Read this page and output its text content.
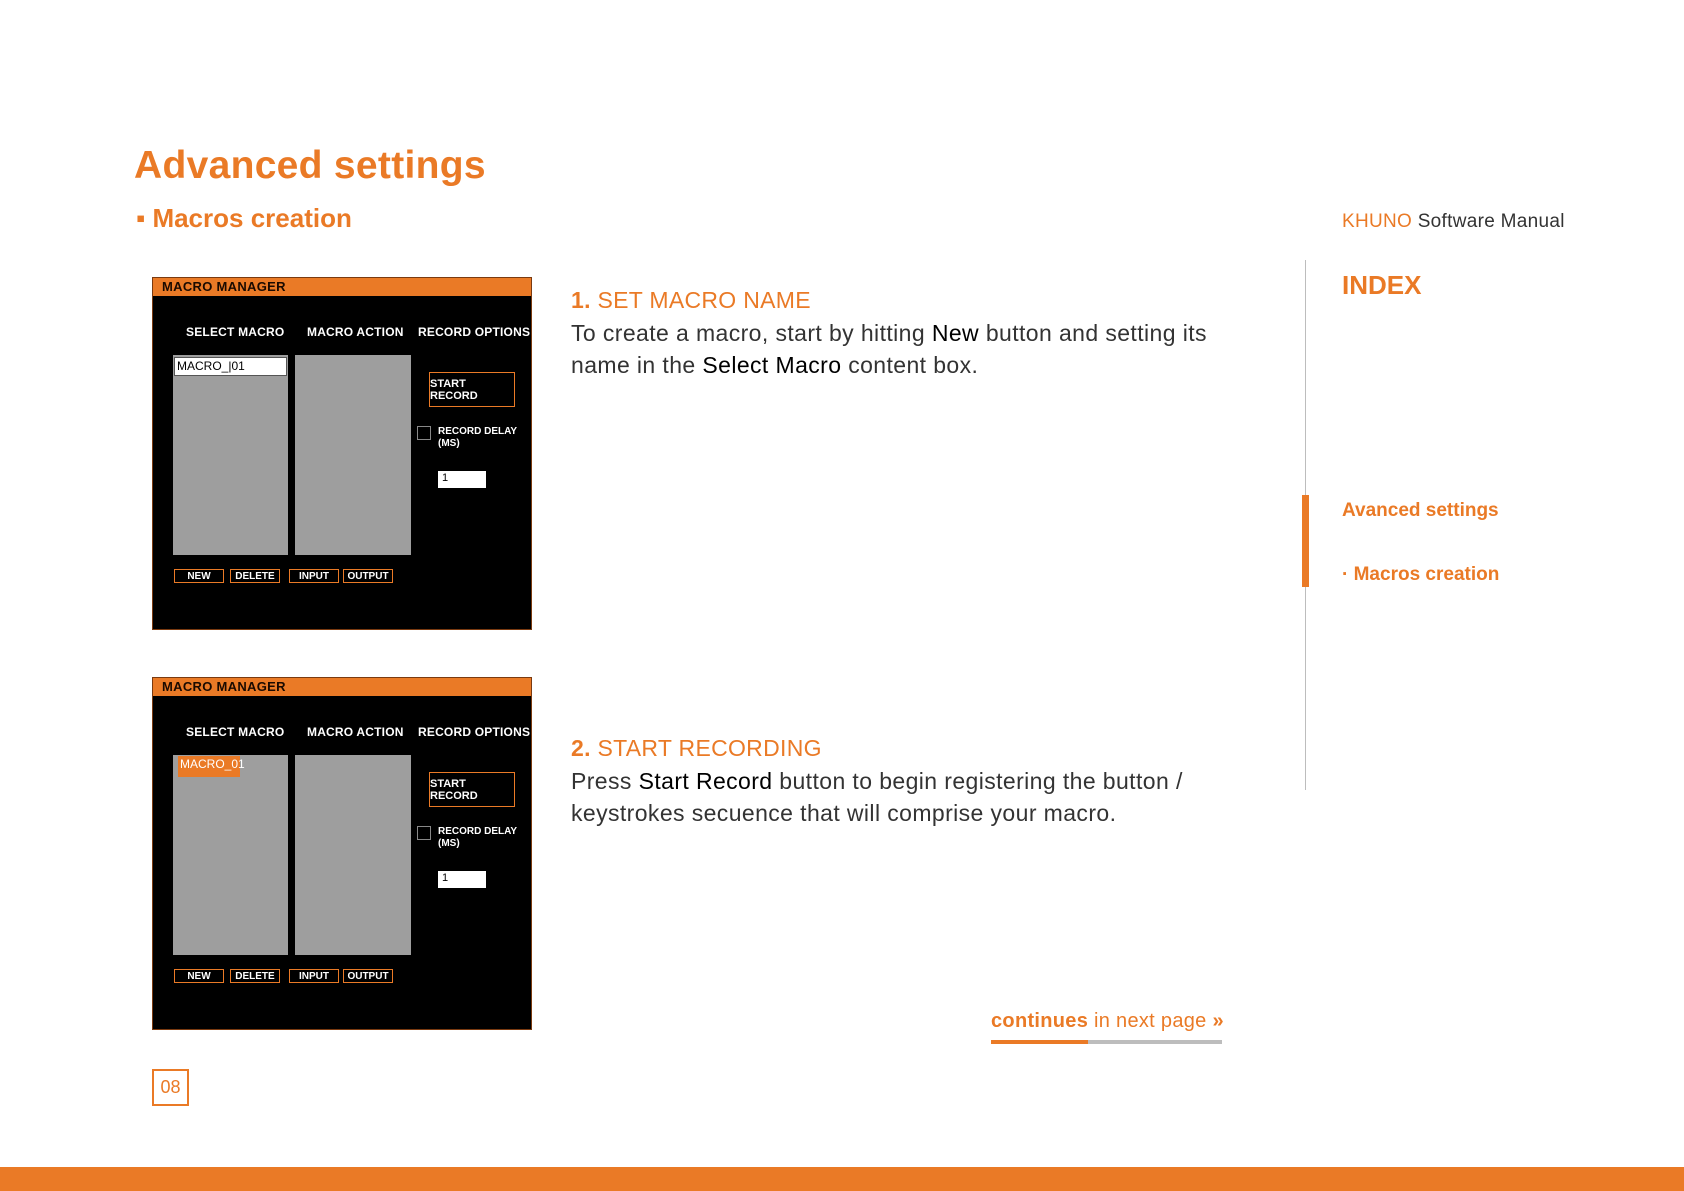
Advanced settings
▪ Macros creation	KHUNO Software Manual
INDEX
Avanced settings
· Macros creation
MACRO MANAGER
SELECT MACRO MACRO ACTION RECORD OPTIONS
MACRO_|01
START RECORD
RECORD DELAY (MS)
1
NEW	DELETE	INPUT	OUTPUT
MACRO MANAGER
SELECT MACRO MACRO ACTION RECORD OPTIONS
MACRO_01
START RECORD
RECORD DELAY (MS)
1
NEW	DELETE	INPUT	OUTPUT
1. SET MACRO NAME
To create a macro, start by hitting New button and setting its name in the Select Macro content box.
2. START RECORDING
Press Start Record button to begin registering the button / keystrokes secuence that will comprise your macro.
continues in next page »
08
